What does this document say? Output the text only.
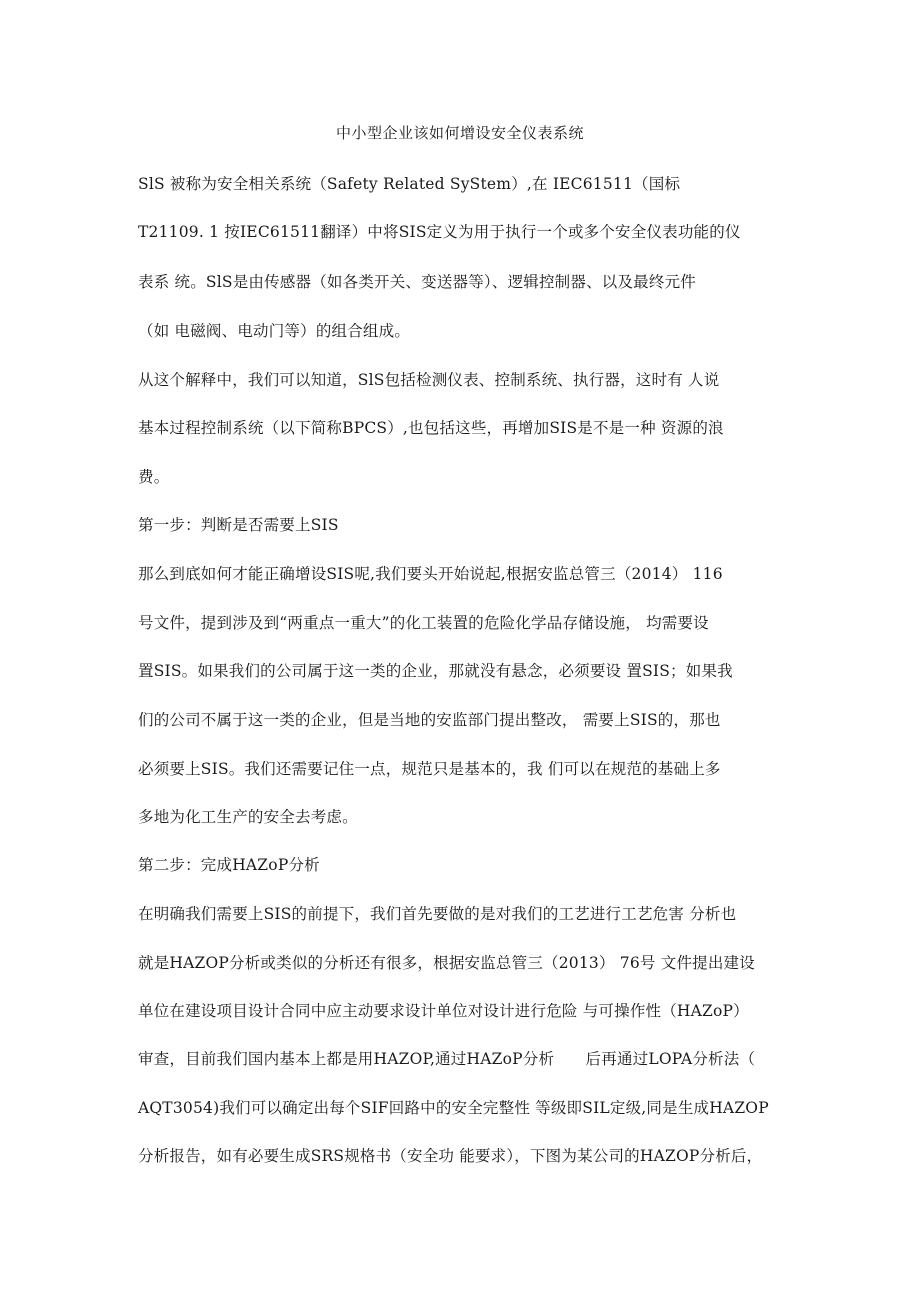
中小型企业该如何增设安全仪表系统
SlS 被称为安全相关系统（Safety Related SyStem）,在 IEC61511（国标
T21109. 1 按IEC61511翻译）中将SIS定义为用于执行一个或多个安全仪表功能的仪
表系 统。SlS是由传感器（如各类开关、变送器等）、逻辑控制器、以及最终元件
（如 电磁阀、电动门等）的组合组成。
从这个解释中，我们可以知道，SlS包括检测仪表、控制系统、执行器，这时有 人说
基本过程控制系统（以下简称BPCS）,也包括这些，再增加SIS是不是一种 资源的浪
费。
第一步：判断是否需要上SIS
那么到底如何才能正确增设SIS呢,我们要头开始说起,根据安监总管三（2014） 116
号文件，提到涉及到“两重点一重大”的化工装置的危险化学品存储设施， 均需要设
置SIS。如果我们的公司属于这一类的企业，那就没有悬念，必须要设 置SIS；如果我
们的公司不属于这一类的企业，但是当地的安监部门提出整改， 需要上SIS的，那也
必须要上SIS。我们还需要记住一点，规范只是基本的，我 们可以在规范的基础上多
多地为化工生产的安全去考虑。
第二步：完成HAZoP分析
在明确我们需要上SIS的前提下，我们首先要做的是对我们的工艺进行工艺危害 分析也
就是HAZOP分析或类似的分析还有很多，根据安监总管三（2013） 76号 文件提出建设
单位在建设项目设计合同中应主动要求设计单位对设计进行危险 与可操作性（HAZoP）
审查，目前我们国内基本上都是用HAZOP,通过HAZoP分析　　后再通过LOPA分析法（
AQT3054)我们可以确定出每个SIF回路中的安全完整性 等级即SIL定级,同是生成HAZOP
分析报告，如有必要生成SRS规格书（安全功 能要求），下图为某公司的HAZOP分析后，
